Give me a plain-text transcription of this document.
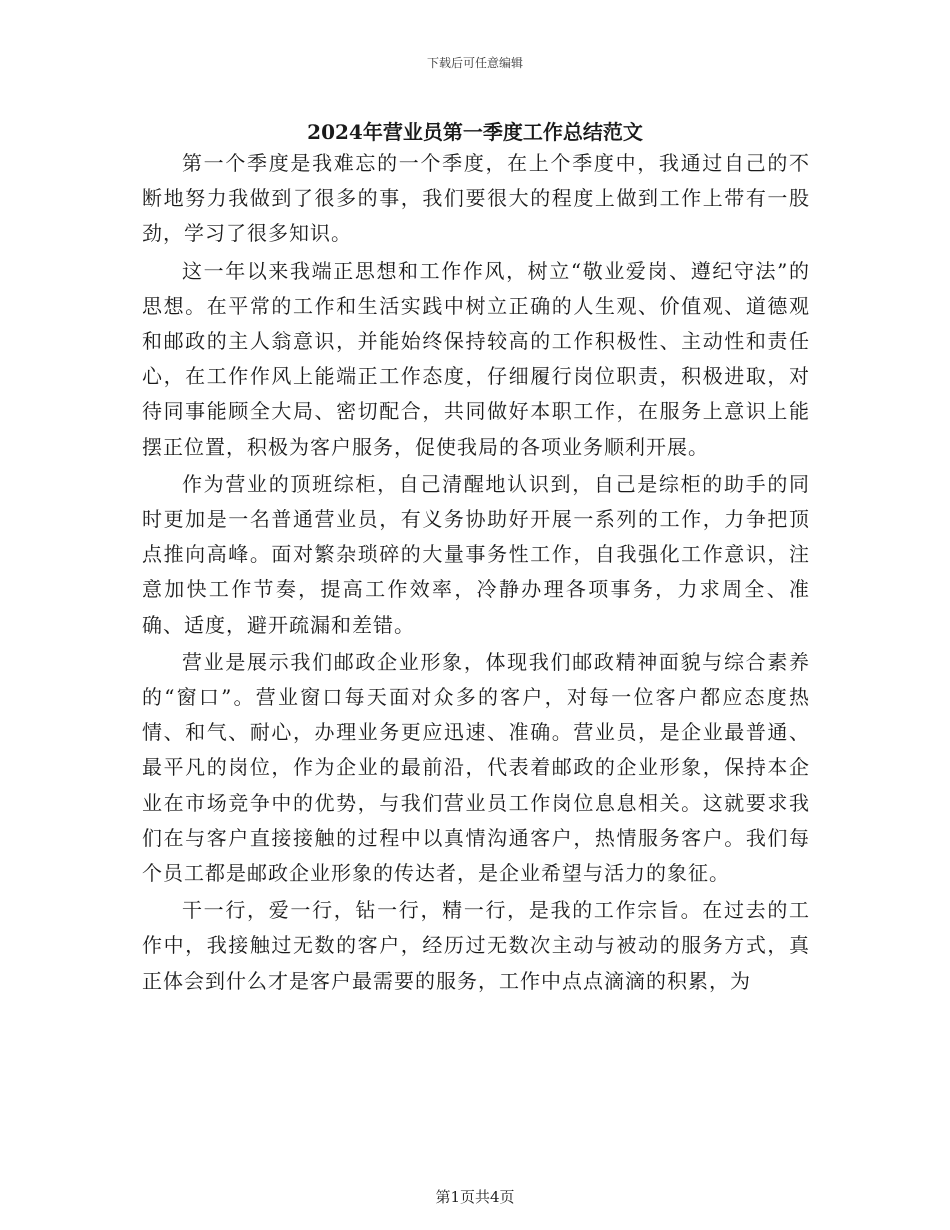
下载后可任意编辑
2024年营业员第一季度工作总结范文

第一个季度是我难忘的一个季度，在上个季度中，我通过自己的不断地努力我做到了很多的事，我们要很大的程度上做到工作上带有一股劲，学习了很多知识。

这一年以来我端正思想和工作作风，树立“敬业爱岗、遵纪守法”的思想。在平常的工作和生活实践中树立正确的人生观、价值观、道德观和邮政的主人翁意识，并能始终保持较高的工作积极性、主动性和责任心，在工作作风上能端正工作态度，仔细履行岗位职责，积极进取，对待同事能顾全大局、密切配合，共同做好本职工作，在服务上意识上能摆正位置，积极为客户服务，促使我局的各项业务顺利开展。

作为营业的顶班综柜，自己清醒地认识到，自己是综柜的助手的同时更加是一名普通营业员，有义务协助好开展一系列的工作，力争把顶点推向高峰。面对繁杂琐碎的大量事务性工作，自我强化工作意识，注意加快工作节奏，提高工作效率，冷静办理各项事务，力求周全、准确、适度，避开疏漏和差错。

营业是展示我们邮政企业形象，体现我们邮政精神面貌与综合素养的“窗口”。营业窗口每天面对众多的客户，对每一位客户都应态度热情、和气、耐心，办理业务更应迅速、准确。营业员，是企业最普通、最平凡的岗位，作为企业的最前沿，代表着邮政的企业形象，保持本企业在市场竞争中的优势，与我们营业员工作岗位息息相关。这就要求我们在与客户直接接触的过程中以真情沟通客户，热情服务客户。我们每个员工都是邮政企业形象的传达者，是企业希望与活力的象征。

干一行，爱一行，钻一行，精一行，是我的工作宗旨。在过去的工作中，我接触过无数的客户，经历过无数次主动与被动的服务方式，真正体会到什么才是客户最需要的服务，工作中点点滴滴的积累，为

第1页共4页
